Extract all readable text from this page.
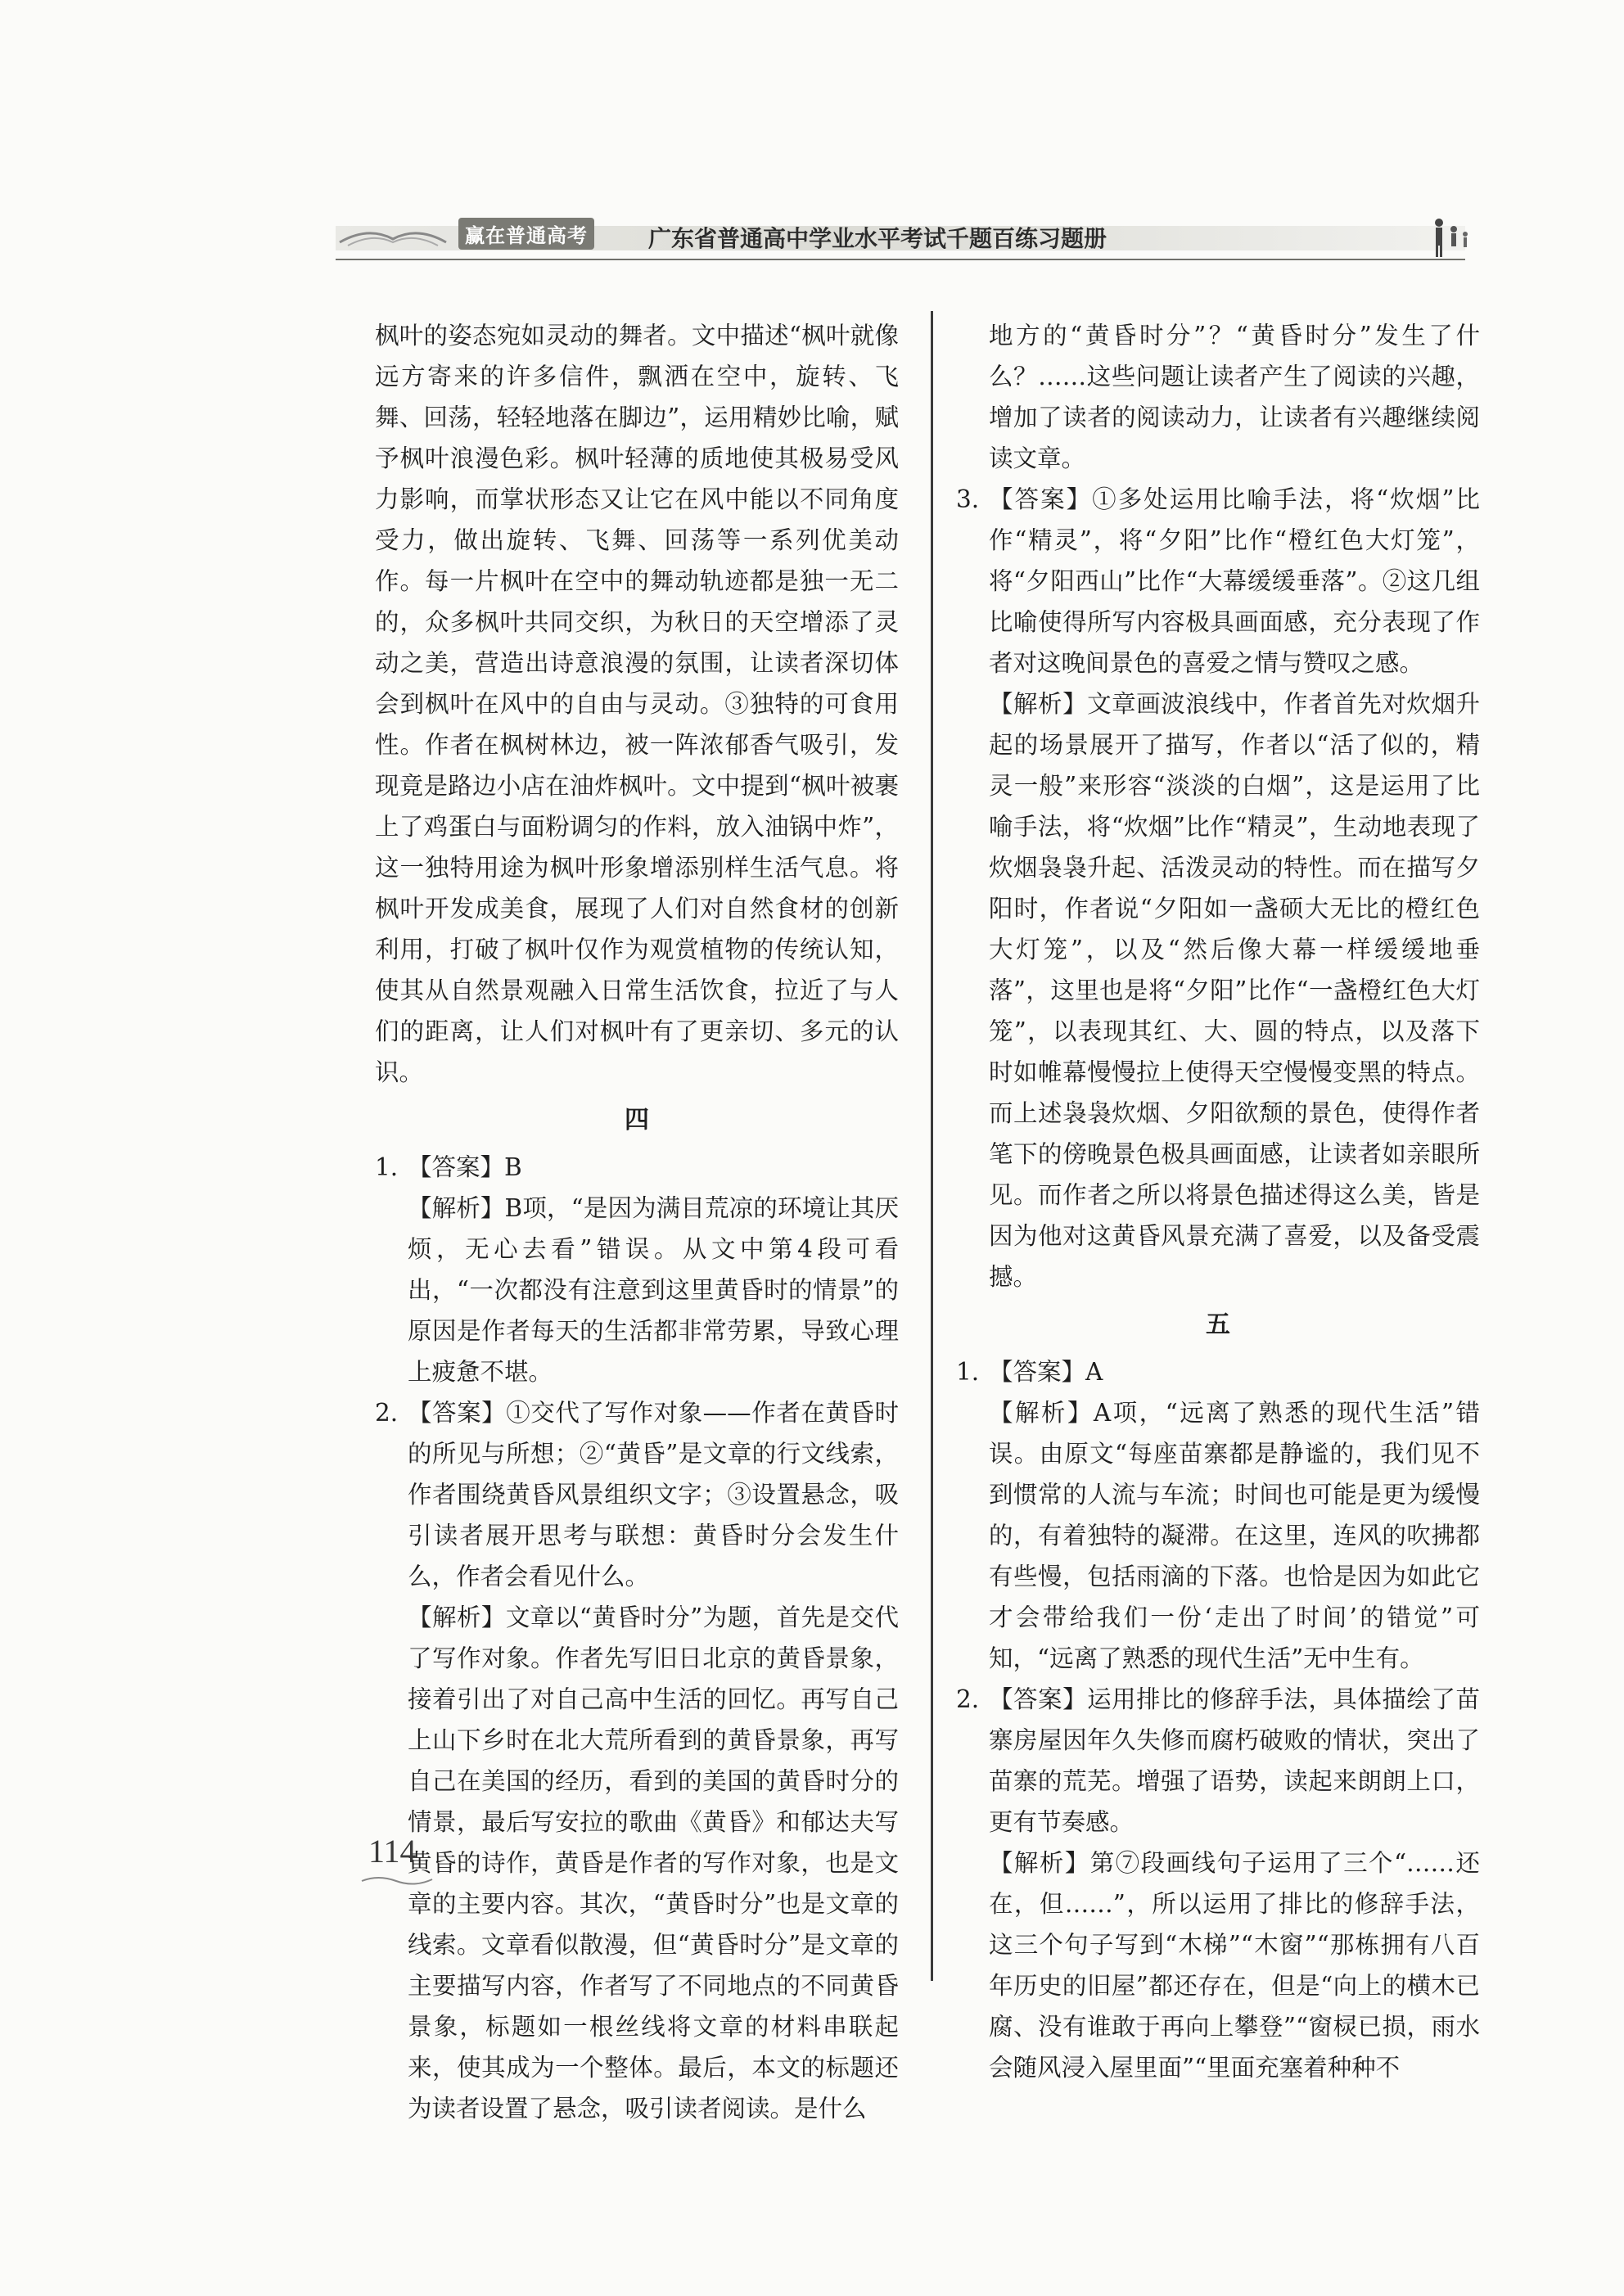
赢在普通高考	广东省普通高中学业水平考试千题百练习题册

枫叶的姿态宛如灵动的舞者。文中描述“枫叶就像远方寄来的许多信件，飘洒在空中，旋转、飞舞、回荡，轻轻地落在脚边”，运用精妙比喻，赋予枫叶浪漫色彩。枫叶轻薄的质地使其极易受风力影响，而掌状形态又让它在风中能以不同角度受力，做出旋转、飞舞、回荡等一系列优美动作。每一片枫叶在空中的舞动轨迹都是独一无二的，众多枫叶共同交织，为秋日的天空增添了灵动之美，营造出诗意浪漫的氛围，让读者深切体会到枫叶在风中的自由与灵动。③独特的可食用性。作者在枫树林边，被一阵浓郁香气吸引，发现竟是路边小店在油炸枫叶。文中提到“枫叶被裹上了鸡蛋白与面粉调匀的作料，放入油锅中炸”，这一独特用途为枫叶形象增添别样生活气息。将枫叶开发成美食，展现了人们对自然食材的创新利用，打破了枫叶仅作为观赏植物的传统认知，使其从自然景观融入日常生活饮食，拉近了与人们的距离，让人们对枫叶有了更亲切、多元的认识。

四
1. 【答案】B

【解析】B项，“是因为满目荒凉的环境让其厌烦，无心去看”错误。从文中第4段可看出，“一次都没有注意到这里黄昏时的情景”的原因是作者每天的生活都非常劳累，导致心理上疲惫不堪。

2. 【答案】①交代了写作对象——作者在黄昏时的所见与所想；②“黄昏”是文章的行文线索，作者围绕黄昏风景组织文字；③设置悬念，吸引读者展开思考与联想：黄昏时分会发生什么，作者会看见什么。

【解析】文章以“黄昏时分”为题，首先是交代了写作对象。作者先写旧日北京的黄昏景象，接着引出了对自己高中生活的回忆。再写自己上山下乡时在北大荒所看到的黄昏景象，再写自己在美国的经历，看到的美国的黄昏时分的情景，最后写安拉的歌曲《黄昏》和郁达夫写黄昏的诗作，黄昏是作者的写作对象，也是文章的主要内容。其次，“黄昏时分”也是文章的线索。文章看似散漫，但“黄昏时分”是文章的主要描写内容，作者写了不同地点的不同黄昏景象，标题如一根丝线将文章的材料串联起来，使其成为一个整体。最后，本文的标题还为读者设置了悬念，吸引读者阅读。是什么

地方的“黄昏时分”？“黄昏时分”发生了什么？……这些问题让读者产生了阅读的兴趣，增加了读者的阅读动力，让读者有兴趣继续阅读文章。

3. 【答案】①多处运用比喻手法，将“炊烟”比作“精灵”，将“夕阳”比作“橙红色大灯笼”，将“夕阳西山”比作“大幕缓缓垂落”。②这几组比喻使得所写内容极具画面感，充分表现了作者对这晚间景色的喜爱之情与赞叹之感。

【解析】文章画波浪线中，作者首先对炊烟升起的场景展开了描写，作者以“活了似的，精灵一般”来形容“淡淡的白烟”，这是运用了比喻手法，将“炊烟”比作“精灵”，生动地表现了炊烟袅袅升起、活泼灵动的特性。而在描写夕阳时，作者说“夕阳如一盏硕大无比的橙红色大灯笼”，以及“然后像大幕一样缓缓地垂落”，这里也是将“夕阳”比作“一盏橙红色大灯笼”，以表现其红、大、圆的特点，以及落下时如帷幕慢慢拉上使得天空慢慢变黑的特点。而上述袅袅炊烟、夕阳欲颓的景色，使得作者笔下的傍晚景色极具画面感，让读者如亲眼所见。而作者之所以将景色描述得这么美，皆是因为他对这黄昏风景充满了喜爱，以及备受震撼。

五
1. 【答案】A

【解析】A项，“远离了熟悉的现代生活”错误。由原文“每座苗寨都是静谧的，我们见不到惯常的人流与车流；时间也可能是更为缓慢的，有着独特的凝滞。在这里，连风的吹拂都有些慢，包括雨滴的下落。也恰是因为如此它才会带给我们一份‘走出了时间’的错觉”可知，“远离了熟悉的现代生活”无中生有。

2. 【答案】运用排比的修辞手法，具体描绘了苗寨房屋因年久失修而腐朽破败的情状，突出了苗寨的荒芜。增强了语势，读起来朗朗上口，更有节奏感。

【解析】第⑦段画线句子运用了三个“……还在，但……”，所以运用了排比的修辞手法，这三个句子写到“木梯”“木窗”“那栋拥有八百年历史的旧屋”都还存在，但是“向上的横木已腐、没有谁敢于再向上攀登”“窗棂已损，雨水会随风浸入屋里面”“里面充塞着种种不

114
